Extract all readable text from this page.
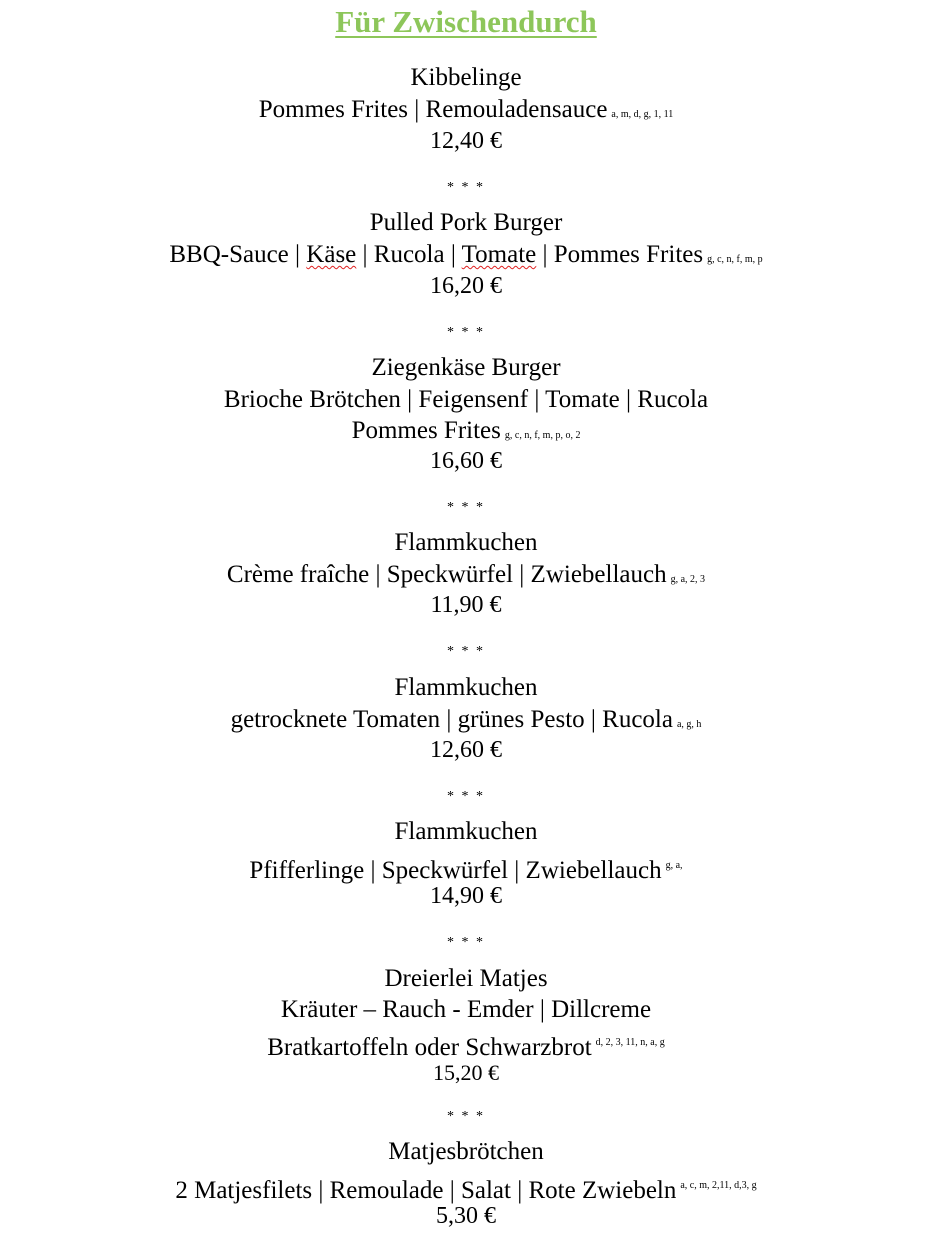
Für Zwischendurch
Kibbelinge
Pommes Frites | Remouladensauce a, m, d, g, 1, 11
12,40 €
* * *
Pulled Pork Burger
BBQ-Sauce | Käse | Rucola | Tomate | Pommes Frites g, c, n, f, m, p
16,20 €
* * *
Ziegenkäse Burger
Brioche Brötchen | Feigensenf | Tomate | Rucola
Pommes Frites g, c, n, f, m, p, o, 2
16,60 €
* * *
Flammkuchen
Crème fraîche | Speckwürfel | Zwiebellauch g, a, 2, 3
11,90 €
* * *
Flammkuchen
getrocknete Tomaten | grünes Pesto | Rucola a, g, h
12,60 €
* * *
Flammkuchen
Pfifferlinge | Speckwürfel | Zwiebellauch $^{g, a,}$
14,90 €
* * *
Dreierlei Matjes
Kräuter – Rauch - Emder | Dillcreme
Bratkartoffeln oder Schwarzbrot $^{d, 2, 3, 11, n, a, g}$
15,20 €
* * *
Matjesbrötchen
2 Matjesfilets | Remoulade | Salat | Rote Zwiebeln $^{a, c, m, 2,11, d,3, g}$
5,30 €
